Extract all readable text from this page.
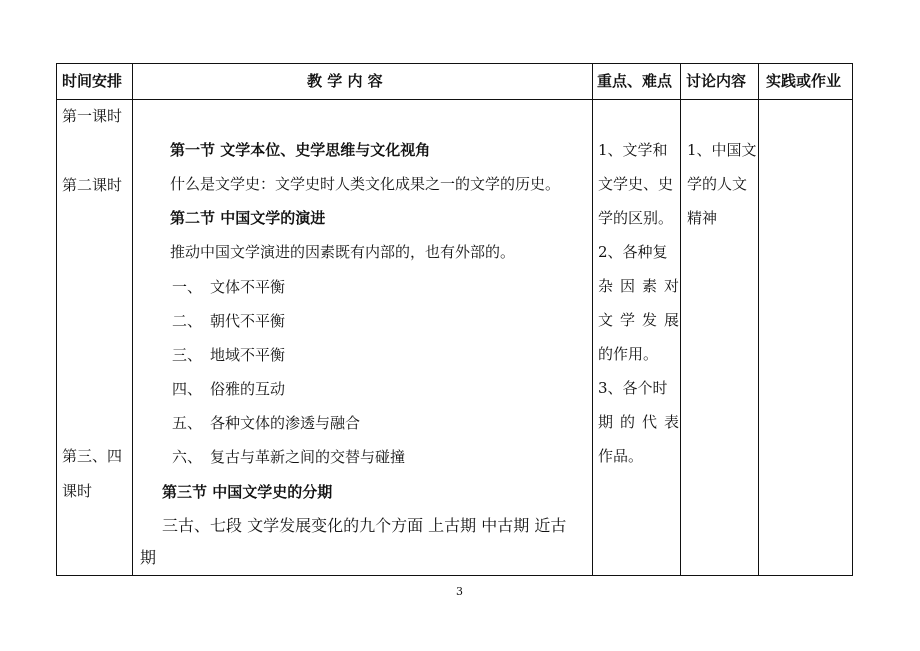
时间安排	教 学 内 容	重点、难点 讨论内容 实践或作业
第一课时
第二课时
第三、四
课时
第一节 文学本位、史学思维与文化视角
什么是文学史：文学史时人类文化成果之一的文学的历史。
第二节 中国文学的演进
推动中国文学演进的因素既有内部的，也有外部的。
一、 文体不平衡
二、 朝代不平衡
三、 地域不平衡
四、 俗雅的互动
五、 各种文体的渗透与融合
六、 复古与革新之间的交替与碰撞
第三节 中国文学史的分期
三古、七段 文学发展变化的九个方面 上古期 中古期 近古
期
1、文学和
文学史、史
学的区别。
2、各种复
杂因素对
文学发展
的作用。
3、各个时
期的代表
作品。
1、中国文
学的人文
精神
3
